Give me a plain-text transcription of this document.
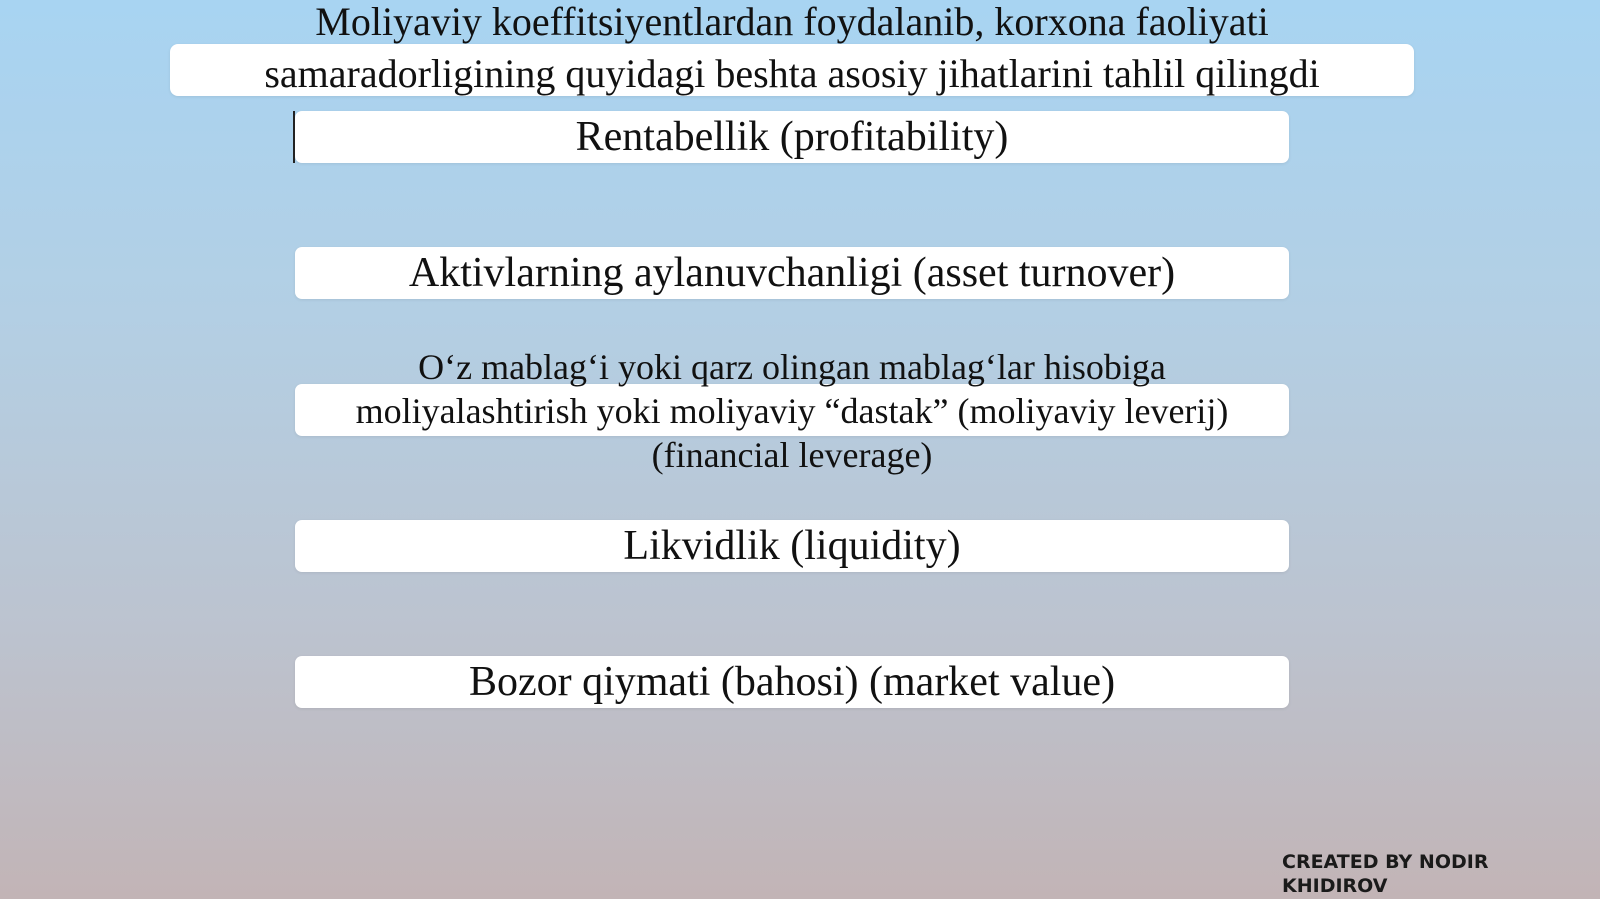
Moliyaviy koeffitsiyentlardan foydalanib, korxona faoliyati samaradorligining quyidagi beshta asosiy jihatlarini tahlil qilingdi
Rentabellik (profitability)
Aktivlarning aylanuvchanligi (asset turnover)
O‘z mablag‘i yoki qarz olingan mablag‘lar hisobiga moliyalashtirish yoki moliyaviy “dastak” (moliyaviy leverij) (financial leverage)
Likvidlik (liquidity)
Bozor qiymati (bahosi) (market value)
CREATED BY NODIR KHIDIROV
